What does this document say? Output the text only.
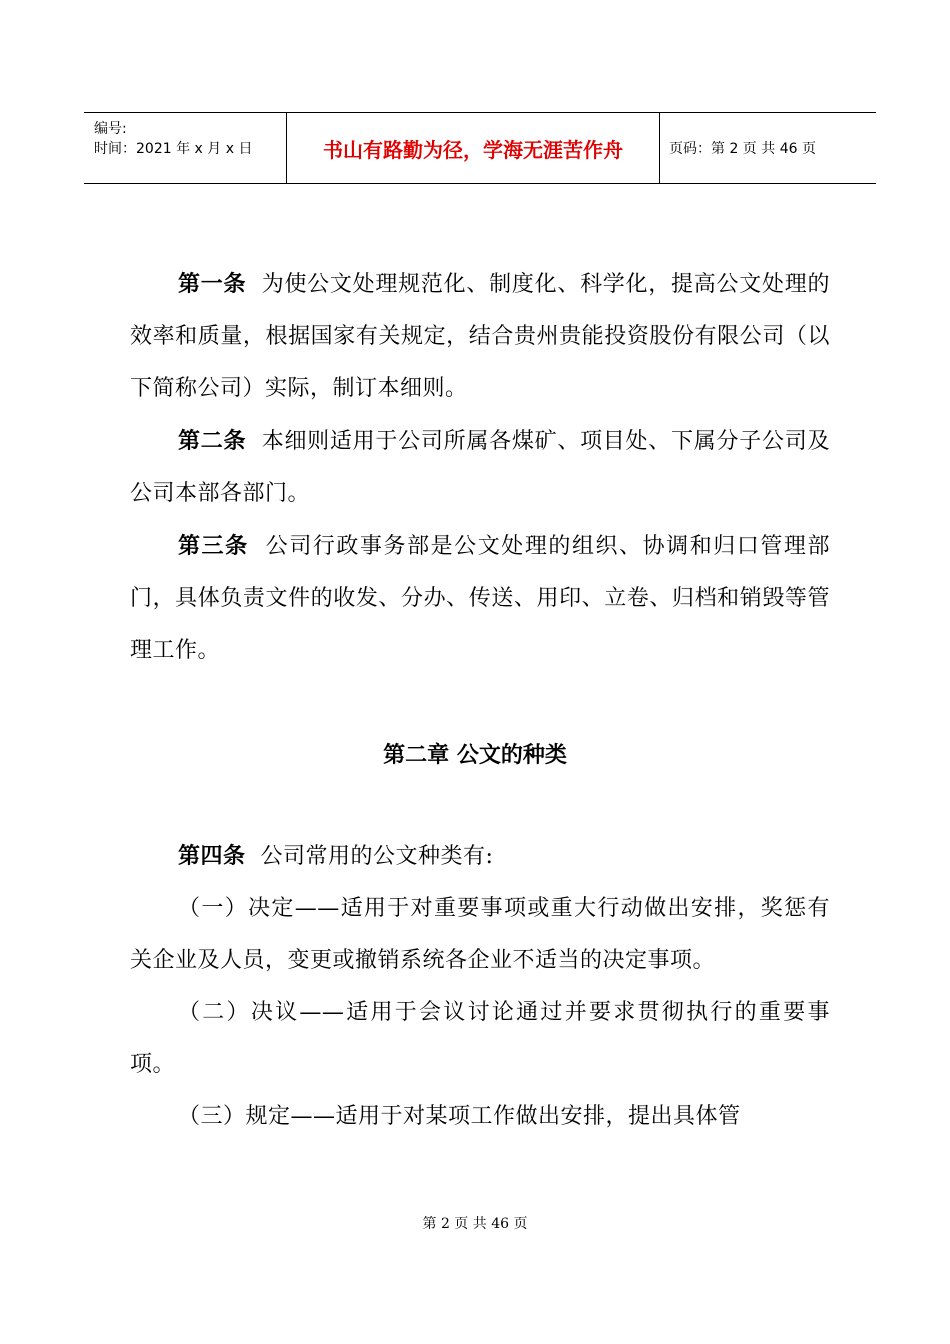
编号:
时间：2021 年 x 月 x 日	书山有路勤为径，学海无涯苦作舟	页码：第 2 页 共 46 页

第一条 为使公文处理规范化、制度化、科学化，提高公文处理的效率和质量，根据国家有关规定，结合贵州贵能投资股份有限公司（以下简称公司）实际，制订本细则。

第二条 本细则适用于公司所属各煤矿、项目处、下属分子公司及公司本部各部门。

第三条 公司行政事务部是公文处理的组织、协调和归口管理部门，具体负责文件的收发、分办、传送、用印、立卷、归档和销毁等管理工作。

第二章 公文的种类

第四条 公司常用的公文种类有:

（一）决定——适用于对重要事项或重大行动做出安排，奖惩有关企业及人员，变更或撤销系统各企业不适当的决定事项。

（二）决议——适用于会议讨论通过并要求贯彻执行的重要事项。

（三）规定——适用于对某项工作做出安排，提出具体管

第 2 页 共 46 页
